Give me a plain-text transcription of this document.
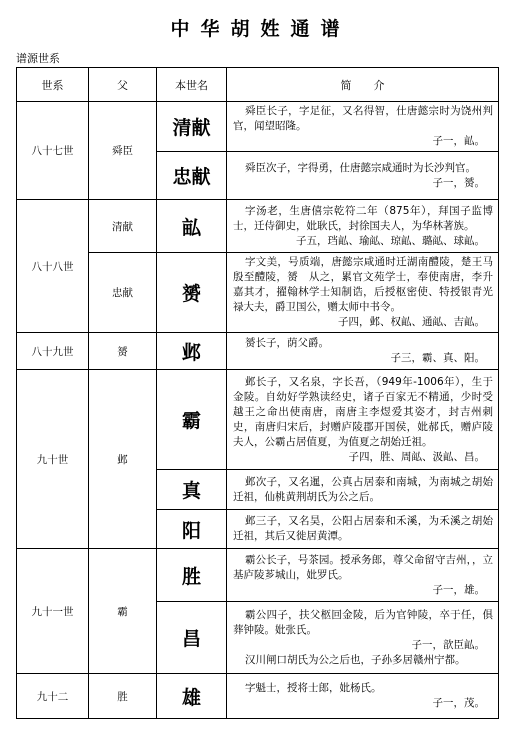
中华胡姓通谱
谱源世系
世系	父	本世名	简　　介
八十七世	舜臣	清献	舜臣长子，字足征，又名得智，仕唐懿宗时为饶州判官，闻望昭隆。

子一，畆。

		忠献	舜臣次子，字得勇，仕唐懿宗咸通时为长沙判官。

子一，赟。

八十八世	清献	畆	字汤老，生唐僖宗乾符二年（875年），拜国子监博士，迁侍御史，妣耿氏，封徐国夫人，为华林著族。

子五，珰畆、瑜畆、琼畆、璐畆、球畆。

	忠献	赟	字文美，号质端，唐懿宗咸通时迁湖南醴陵，楚王马殷至醴陵，赟　从之，累官文苑学士，奉使南唐，李升嘉其才，擢翰林学士知制诰，后授枢密使、特授银青光禄大夫，爵卫国公，赠太师中书令。

子四，邺、权畆、通畆、吉畆。

八十九世	赟	邺	赟长子，荫父爵。

子三，霸、真、阳。

九十世	邺	霸	邺长子，又名泉，字长吾，（949年-1006年），生于金陵。自幼好学熟读经史，诸子百家无不精通，少时受越王之命出使南唐，南唐主李煜爱其姿才，封吉州刺史，南唐归宋后，封赠庐陵郡开国侯，妣郝氏，赠庐陵夫人，公霸占居值夏，为值夏之胡始迁祖。

子四，胜、周畆、汲畆、昌。

		真	邺次子，又名暹，公真占居泰和南城，为南城之胡始迁祖，仙桃黄荆胡氏为公之后。

		阳	邺三子，又名昊，公阳占居泰和禾溪，为禾溪之胡始迁祖，其后又徙居黄潭。

九十一世	霸	胜	霸公长子，号茶园。授承务郎，尊父命留守吉州，，立基庐陵芗城山，妣罗氏。

子一，雄。

		昌	霸公四子，扶父柩回金陵，后为官钟陵，卒于任，俱葬钟陵。妣张氏。

子一，歆臣畆。

汉川闸口胡氏为公之后也，子孙多居赣州宁都。

九十二	胜	雄	字魁士，授将士郎，妣杨氏。

子一，茂。
